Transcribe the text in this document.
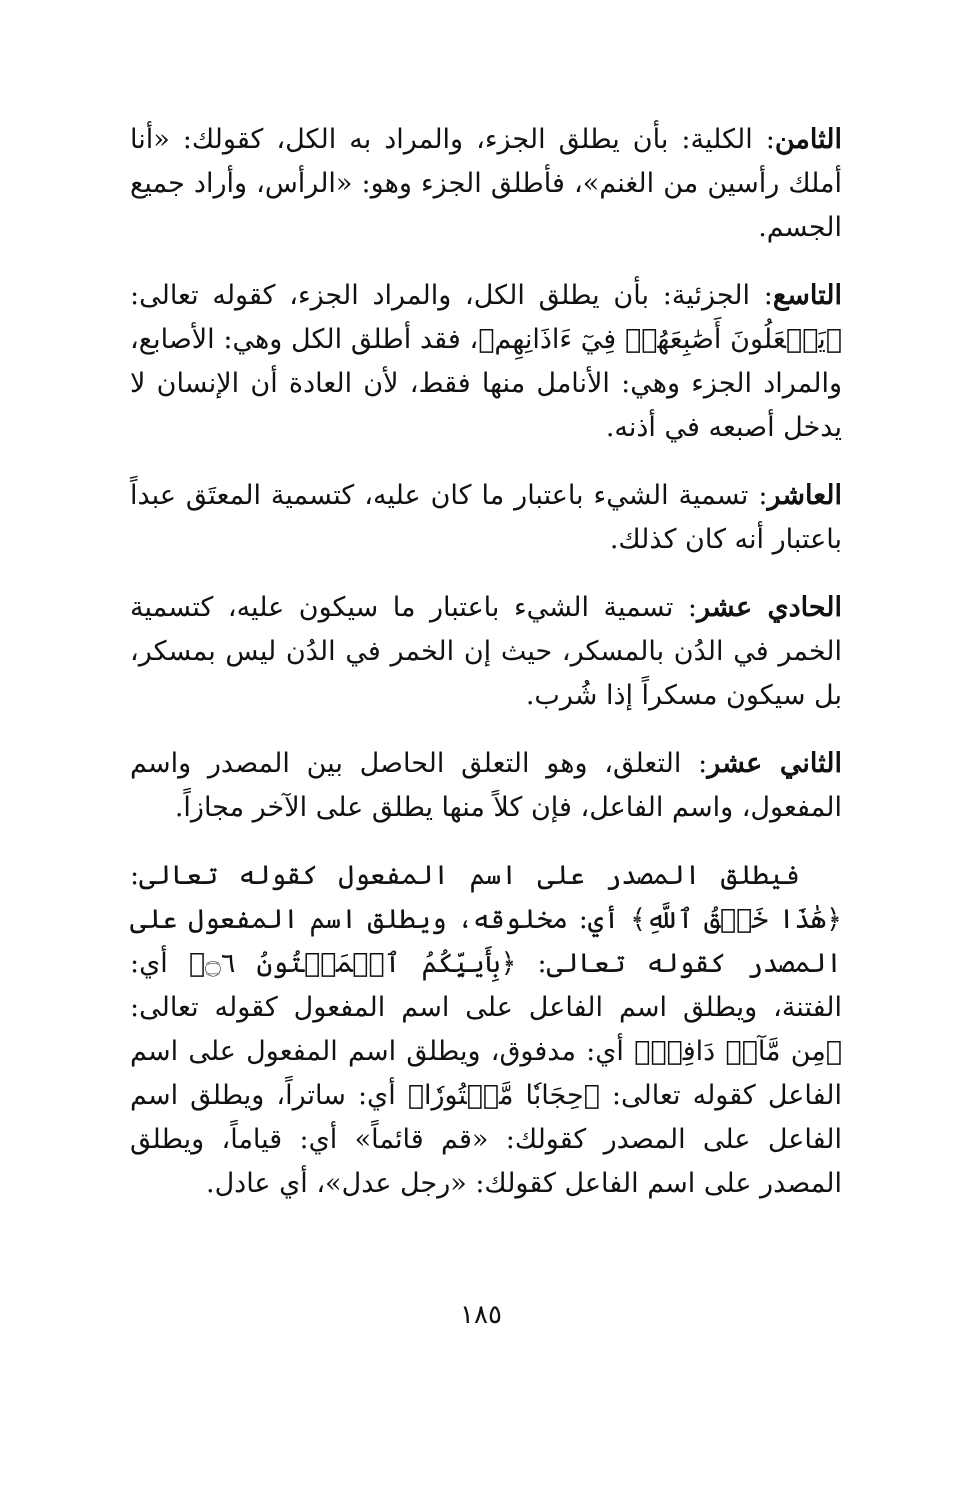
الثامن: الكلية: بأن يطلق الجزء، والمراد به الكل، كقولك: «أنا أملك رأسين من الغنم»، فأطلق الجزء وهو: «الرأس، وأراد جميع الجسم.

التاسع: الجزئية: بأن يطلق الكل، والمراد الجزء، كقوله تعالى: ﴿يَجۡعَلُونَ أَصَٰبِعَهُمۡ فِيٓ ءَاذَانِهِم﴾، فقد أطلق الكل وهي: الأصابع، والمراد الجزء وهي: الأنامل منها فقط، لأن العادة أن الإنسان لا يدخل أصبعه في أذنه.

العاشر: تسمية الشيء باعتبار ما كان عليه، كتسمية المعتَق عبداً باعتبار أنه كان كذلك.

الحادي عشر: تسمية الشيء باعتبار ما سيكون عليه، كتسمية الخمر في الدُن بالمسكر، حيث إن الخمر في الدُن ليس بمسكر، بل سيكون مسكراً إذا شُرب.

الثاني عشر: التعلق، وهو التعلق الحاصل بين المصدر واسم المفعول، واسم الفاعل، فإن كلاً منها يطلق على الآخر مجازاً.

فيطلق المصدر على اسم المفعول كقوله تعالى: ﴿هَٰذَا خَلۡقُ ٱللَّهِ﴾ أي: مخلوقه، ويطلق اسم المفعول على المصدر كقوله تعالى: ﴿بِأَييِّكُمُ ٱلۡمَفۡتُونُ ۝٦﴾ أي: الفتنة، ويطلق اسم الفاعل على اسم المفعول كقوله تعالى: ﴿مِن مَّآءٖ دَافِقٖ﴾ أي: مدفوق، ويطلق اسم المفعول على اسم الفاعل كقوله تعالى: ﴿حِجَابٗا مَّسۡتُورٗا﴾ أي: ساتراً، ويطلق اسم الفاعل على المصدر كقولك: «قم قائماً» أي: قياماً، ويطلق المصدر على اسم الفاعل كقولك: «رجل عدل»، أي عادل.

١٨٥
